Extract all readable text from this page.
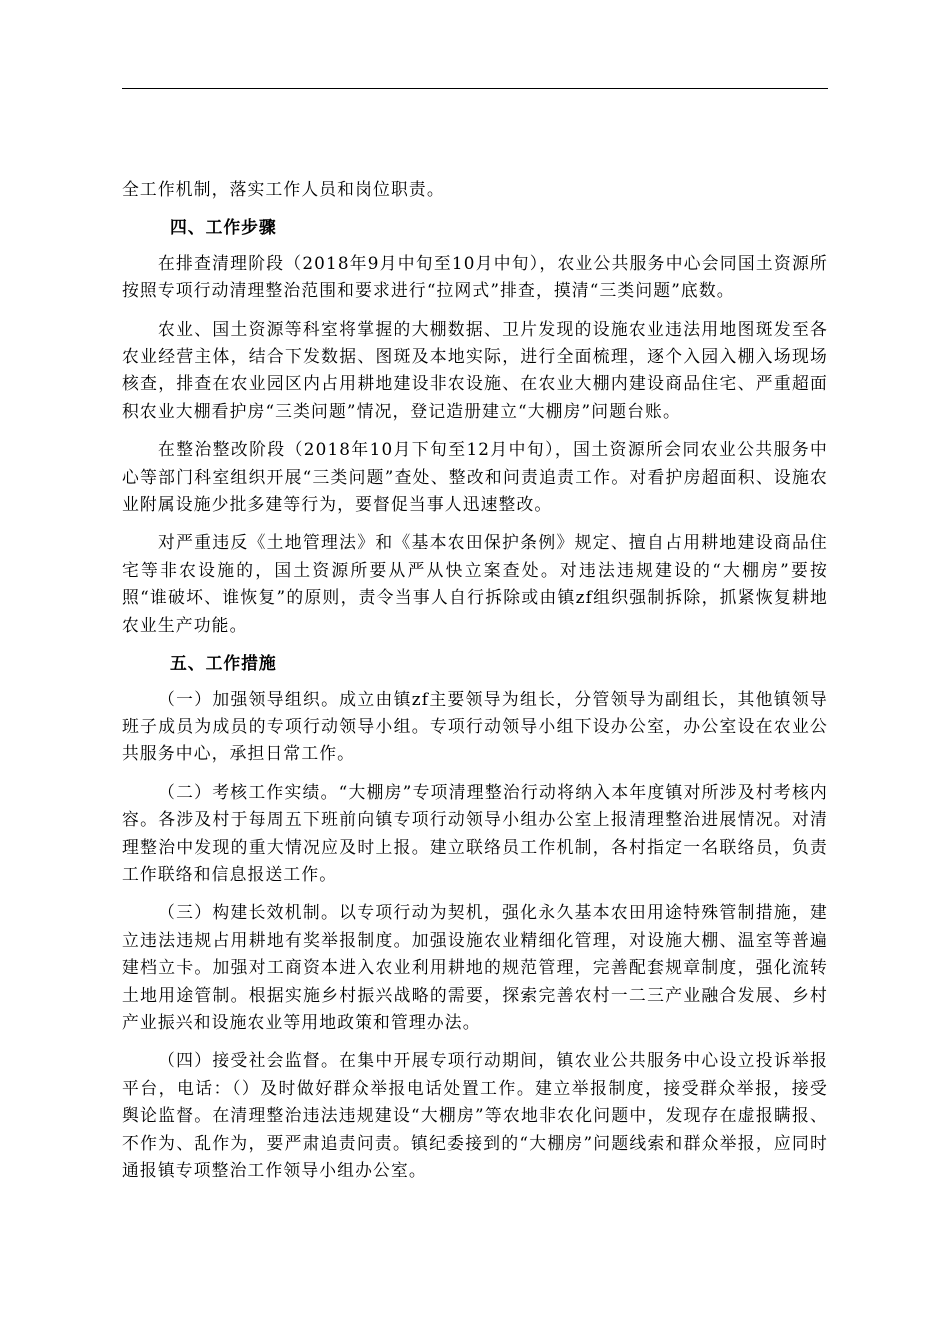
全工作机制，落实工作人员和岗位职责。

四、工作步骤

在排查清理阶段（2018年9月中旬至10月中旬），农业公共服务中心会同国土资源所按照专项行动清理整治范围和要求进行“拉网式”排查，摸清“三类问题”底数。

农业、国土资源等科室将掌握的大棚数据、卫片发现的设施农业违法用地图斑发至各农业经营主体，结合下发数据、图斑及本地实际，进行全面梳理，逐个入园入棚入场现场核查，排查在农业园区内占用耕地建设非农设施、在农业大棚内建设商品住宅、严重超面积农业大棚看护房“三类问题”情况，登记造册建立“大棚房”问题台账。

在整治整改阶段（2018年10月下旬至12月中旬），国土资源所会同农业公共服务中心等部门科室组织开展“三类问题”查处、整改和问责追责工作。对看护房超面积、设施农业附属设施少批多建等行为，要督促当事人迅速整改。

对严重违反《土地管理法》和《基本农田保护条例》规定、擅自占用耕地建设商品住宅等非农设施的，国土资源所要从严从快立案查处。对违法违规建设的“大棚房”要按照“谁破坏、谁恢复”的原则，责令当事人自行拆除或由镇zf组织强制拆除，抓紧恢复耕地农业生产功能。

五、工作措施

（一）加强领导组织。成立由镇zf主要领导为组长，分管领导为副组长，其他镇领导班子成员为成员的专项行动领导小组。专项行动领导小组下设办公室，办公室设在农业公共服务中心，承担日常工作。

（二）考核工作实绩。“大棚房”专项清理整治行动将纳入本年度镇对所涉及村考核内容。各涉及村于每周五下班前向镇专项行动领导小组办公室上报清理整治进展情况。对清理整治中发现的重大情况应及时上报。建立联络员工作机制，各村指定一名联络员，负责工作联络和信息报送工作。

（三）构建长效机制。以专项行动为契机，强化永久基本农田用途特殊管制措施，建立违法违规占用耕地有奖举报制度。加强设施农业精细化管理，对设施大棚、温室等普遍建档立卡。加强对工商资本进入农业利用耕地的规范管理，完善配套规章制度，强化流转土地用途管制。根据实施乡村振兴战略的需要，探索完善农村一二三产业融合发展、乡村产业振兴和设施农业等用地政策和管理办法。

（四）接受社会监督。在集中开展专项行动期间，镇农业公共服务中心设立投诉举报平台，电话：（）及时做好群众举报电话处置工作。建立举报制度，接受群众举报，接受舆论监督。在清理整治违法违规建设“大棚房”等农地非农化问题中，发现存在虚报瞒报、不作为、乱作为，要严肃追责问责。镇纪委接到的“大棚房”问题线索和群众举报，应同时通报镇专项整治工作领导小组办公室。
